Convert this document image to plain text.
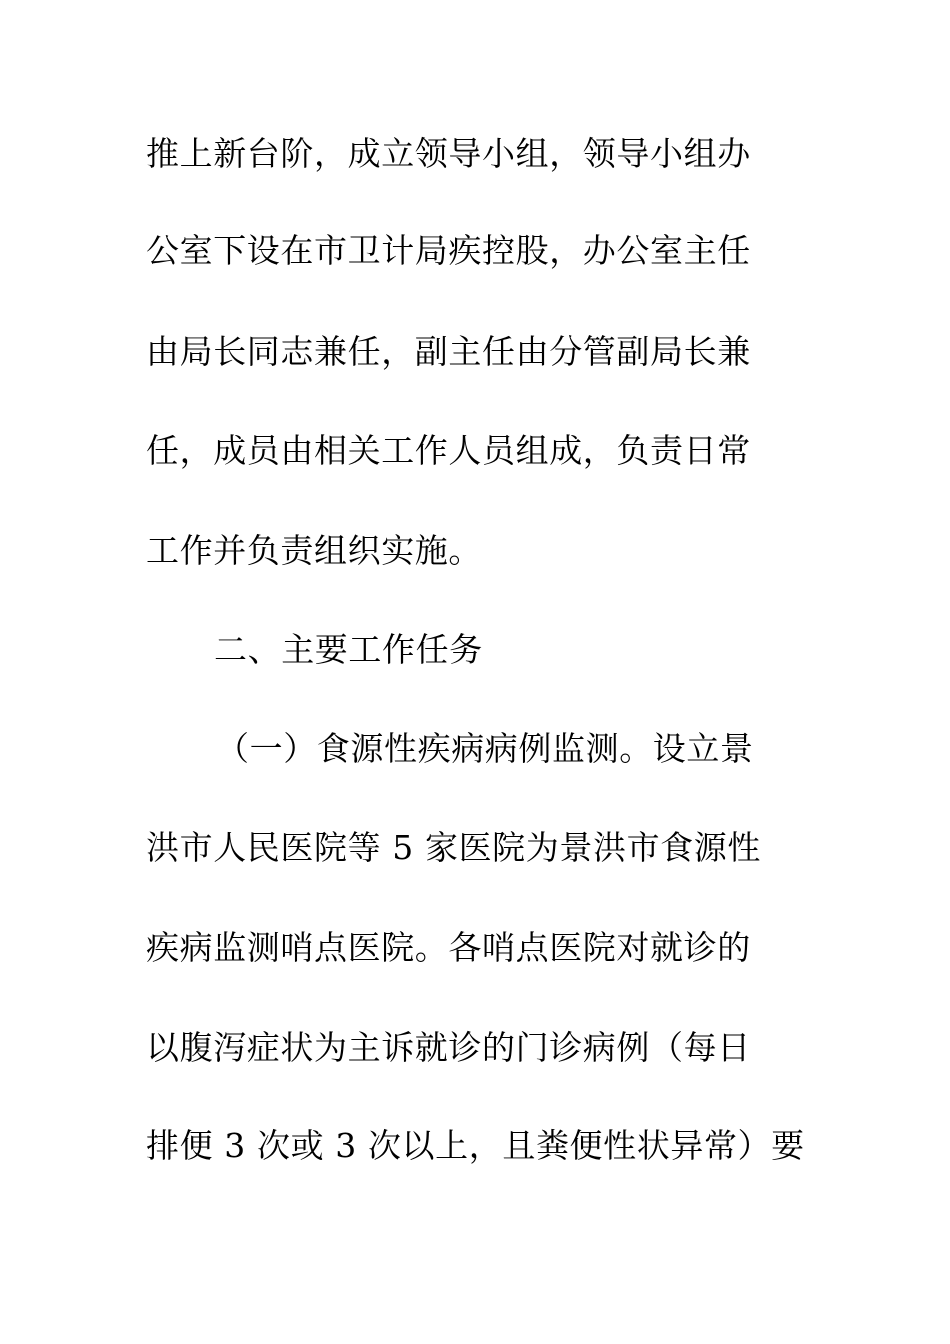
推上新台阶，成立领导小组，领导小组办
公室下设在市卫计局疾控股，办公室主任
由局长同志兼任，副主任由分管副局长兼
任，成员由相关工作人员组成，负责日常
工作并负责组织实施。
二、主要工作任务
（一）食源性疾病病例监测。设立景
洪市人民医院等 5 家医院为景洪市食源性
疾病监测哨点医院。各哨点医院对就诊的
以腹泻症状为主诉就诊的门诊病例（每日
排便 3 次或 3 次以上，且粪便性状异常）要
